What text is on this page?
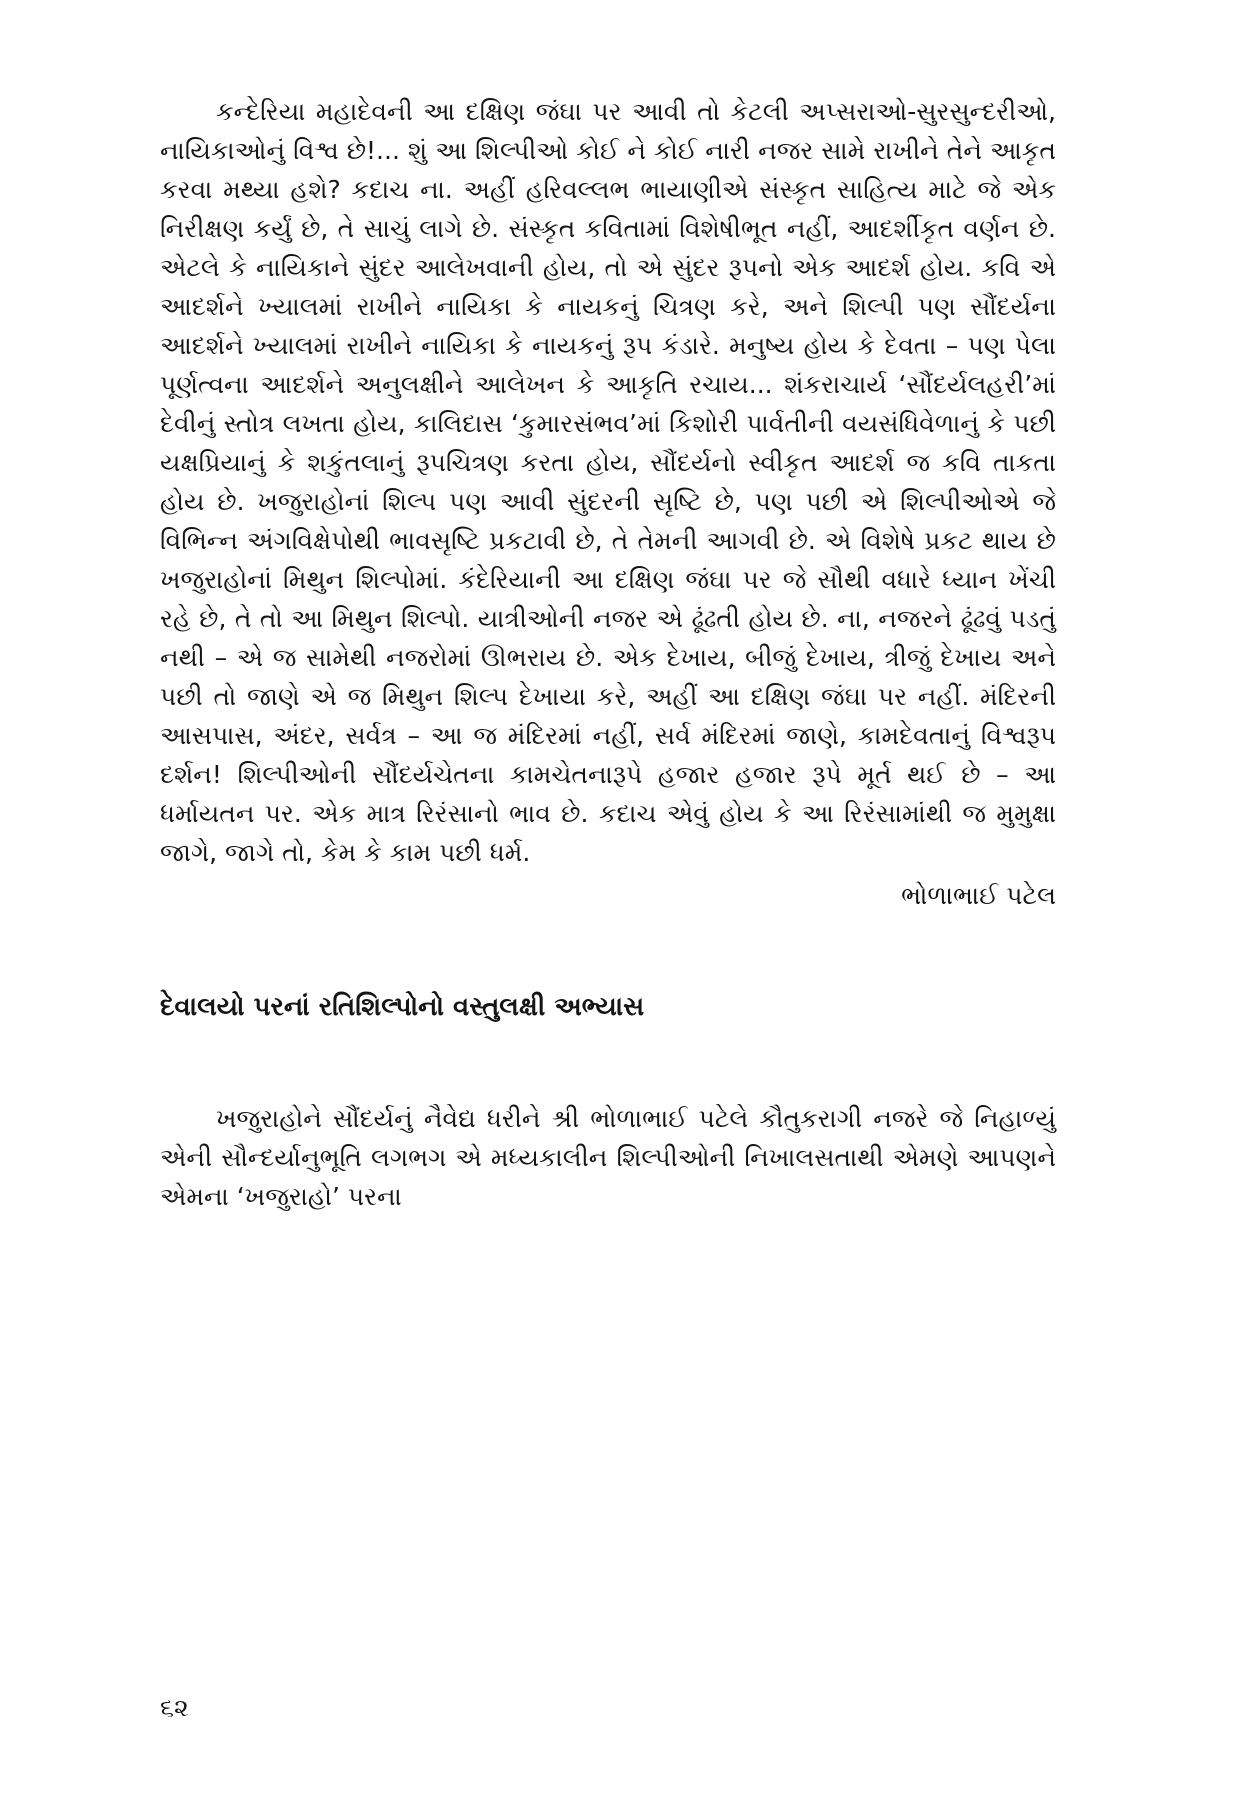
કન્દેરિયા મહાદેવની આ દક્ષિણ જંઘા પર આવી તો કેટલી અપ્સરાઓ-સુરસુન્દરીઓ, નાયિકાઓનું વિશ્વ છે!... શું આ શિલ્પીઓ કોઈ ને કોઈ નારી નજર સામે રાખીને તેને આકૃત કરવા મથ્યા હશે? કદાચ ના. અહીં હરિવલ્લભ ભાયાણીએ સંસ્કૃત સાહિત્ય માટે જે એક નિરીક્ષણ કર્યું છે, તે સાચું લાગે છે. સંસ્કૃત કવિતામાં વિશેષીભૂત નહીં, આદર્શીકૃત વર્ણન છે. એટલે કે નાયિકાને સુંદર આલેખવાની હોય, તો એ સુંદર રૂપનો એક આદર્શ હોય. કવિ એ આદર્શને ખ્યાલમાં રાખીને નાયિકા કે નાયકનું ચિત્રણ કરે, અને શિલ્પી પણ સૌંદર્યના આદર્શને ખ્યાલમાં રાખીને નાયિકા કે નાયકનું રૂપ કંડારે. મનુષ્ય હોય કે દેવતા – પણ પેલા પૂર્ણત્વના આદર્શને અનુલક્ષીને આલેખન કે આકૃતિ રચાય... શંકરાચાર્ય ‘સૌંદર્યલહરી’માં દેવીનું સ્તોત્ર લખતા હોય, કાલિદાસ ‘કુમારસંભવ’માં કિશોરી પાર્વતીની વયસંધિવેળાનું કે પછી યક્ષપ્રિયાનું કે શકુંતલાનું રૂપચિત્રણ કરતા હોય, સૌંદર્યનો સ્વીકૃત આદર્શ જ કવિ તાકતા હોય છે. ખજુરાહોનાં શિલ્પ પણ આવી સુંદરની સૃષ્ટિ છે, પણ પછી એ શિલ્પીઓએ જે વિભિન્ન અંગવિક્ષેપોથી ભાવસૃષ્ટિ પ્રકટાવી છે, તે તેમની આગવી છે. એ વિશેષે પ્રકટ થાય છે ખજુરાહોનાં મિથુન શિલ્પોમાં. કંદેરિયાની આ દક્ષિણ જંઘા પર જે સૌથી વધારે ધ્યાન ખેંચી રહે છે, તે તો આ મિથુન શિલ્પો. યાત્રીઓની નજર એ ઢૂંઢતી હોય છે. ના, નજરને ઢૂંઢવું પડતું નથી – એ જ સામેથી નજરોમાં ઊભરાય છે. એક દેખાય, બીજું દેખાય, ત્રીજું દેખાય અને પછી તો જાણે એ જ મિથુન શિલ્પ દેખાયા કરે, અહીં આ દક્ષિણ જંઘા પર નહીં. મંદિરની આસપાસ, અંદર, સર્વત્ર – આ જ મંદિરમાં નહીં, સર્વ મંદિરમાં જાણે, કામદેવતાનું વિશ્વરૂપ દર્શન! શિલ્પીઓની સૌંદર્યચેતના કામચેતનારૂપે હજાર હજાર રૂપે મૂર્ત થઈ છે – આ ધર્માયતન પર. એક માત્ર રિરંસાનો ભાવ છે. કદાચ એવું હોય કે આ રિરંસામાંથી જ મુમુક્ષા જાગે, જાગે તો, કેમ કે કામ પછી ધર્મ.

ભોળાભાઈ પટેલ

દેવાલયો પરનાં રતિશિલ્પોનો વસ્તુલક્ષી અભ્યાસ

ખજુરાહોને સૌંદર્યનું નૈવેદ્ય ધરીને શ્રી ભોળાભાઈ પટેલે કૌતુકરાગી નજરે જે નિહાળ્યું એની સૌન્દર્યાનુભૂતિ લગભગ એ મધ્યકાલીન શિલ્પીઓની નિખાલસતાથી એમણે આપણને એમના ‘ખજુરાહો’ પરના

૬૨
